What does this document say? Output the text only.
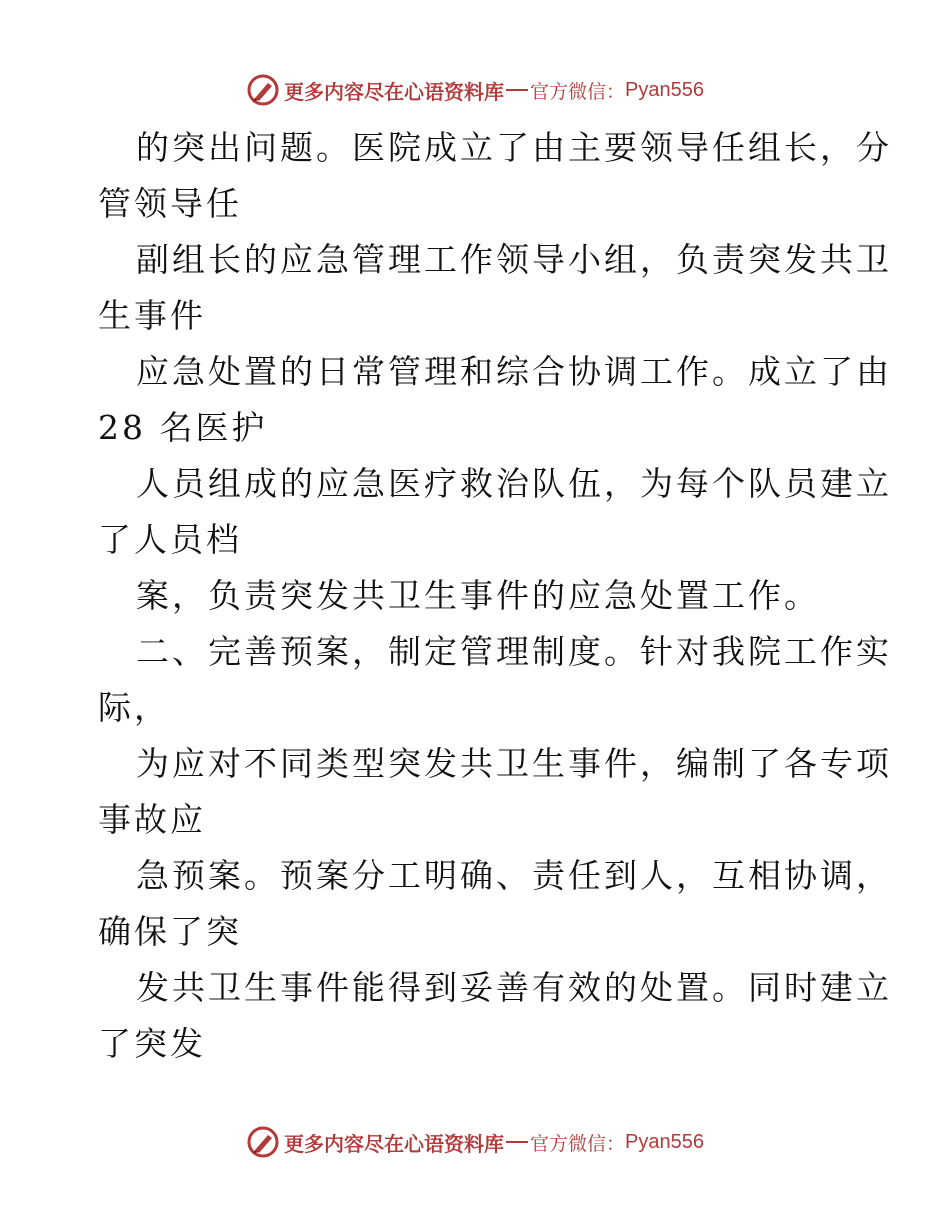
更多内容尽在心语资料库 官方微信： Pyan556
的突出问题。医院成立了由主要领导任组长，分
管领导任
副组长的应急管理工作领导小组，负责突发共卫
生事件
应急处置的日常管理和综合协调工作。成立了由
28 名医护
人员组成的应急医疗救治队伍，为每个队员建立
了人员档
案，负责突发共卫生事件的应急处置工作。
二、完善预案，制定管理制度。针对我院工作实
际，
为应对不同类型突发共卫生事件，编制了各专项
事故应
急预案。预案分工明确、责任到人，互相协调，
确保了突
发共卫生事件能得到妥善有效的处置。同时建立
了突发
更多内容尽在心语资料库 官方微信： Pyan556
